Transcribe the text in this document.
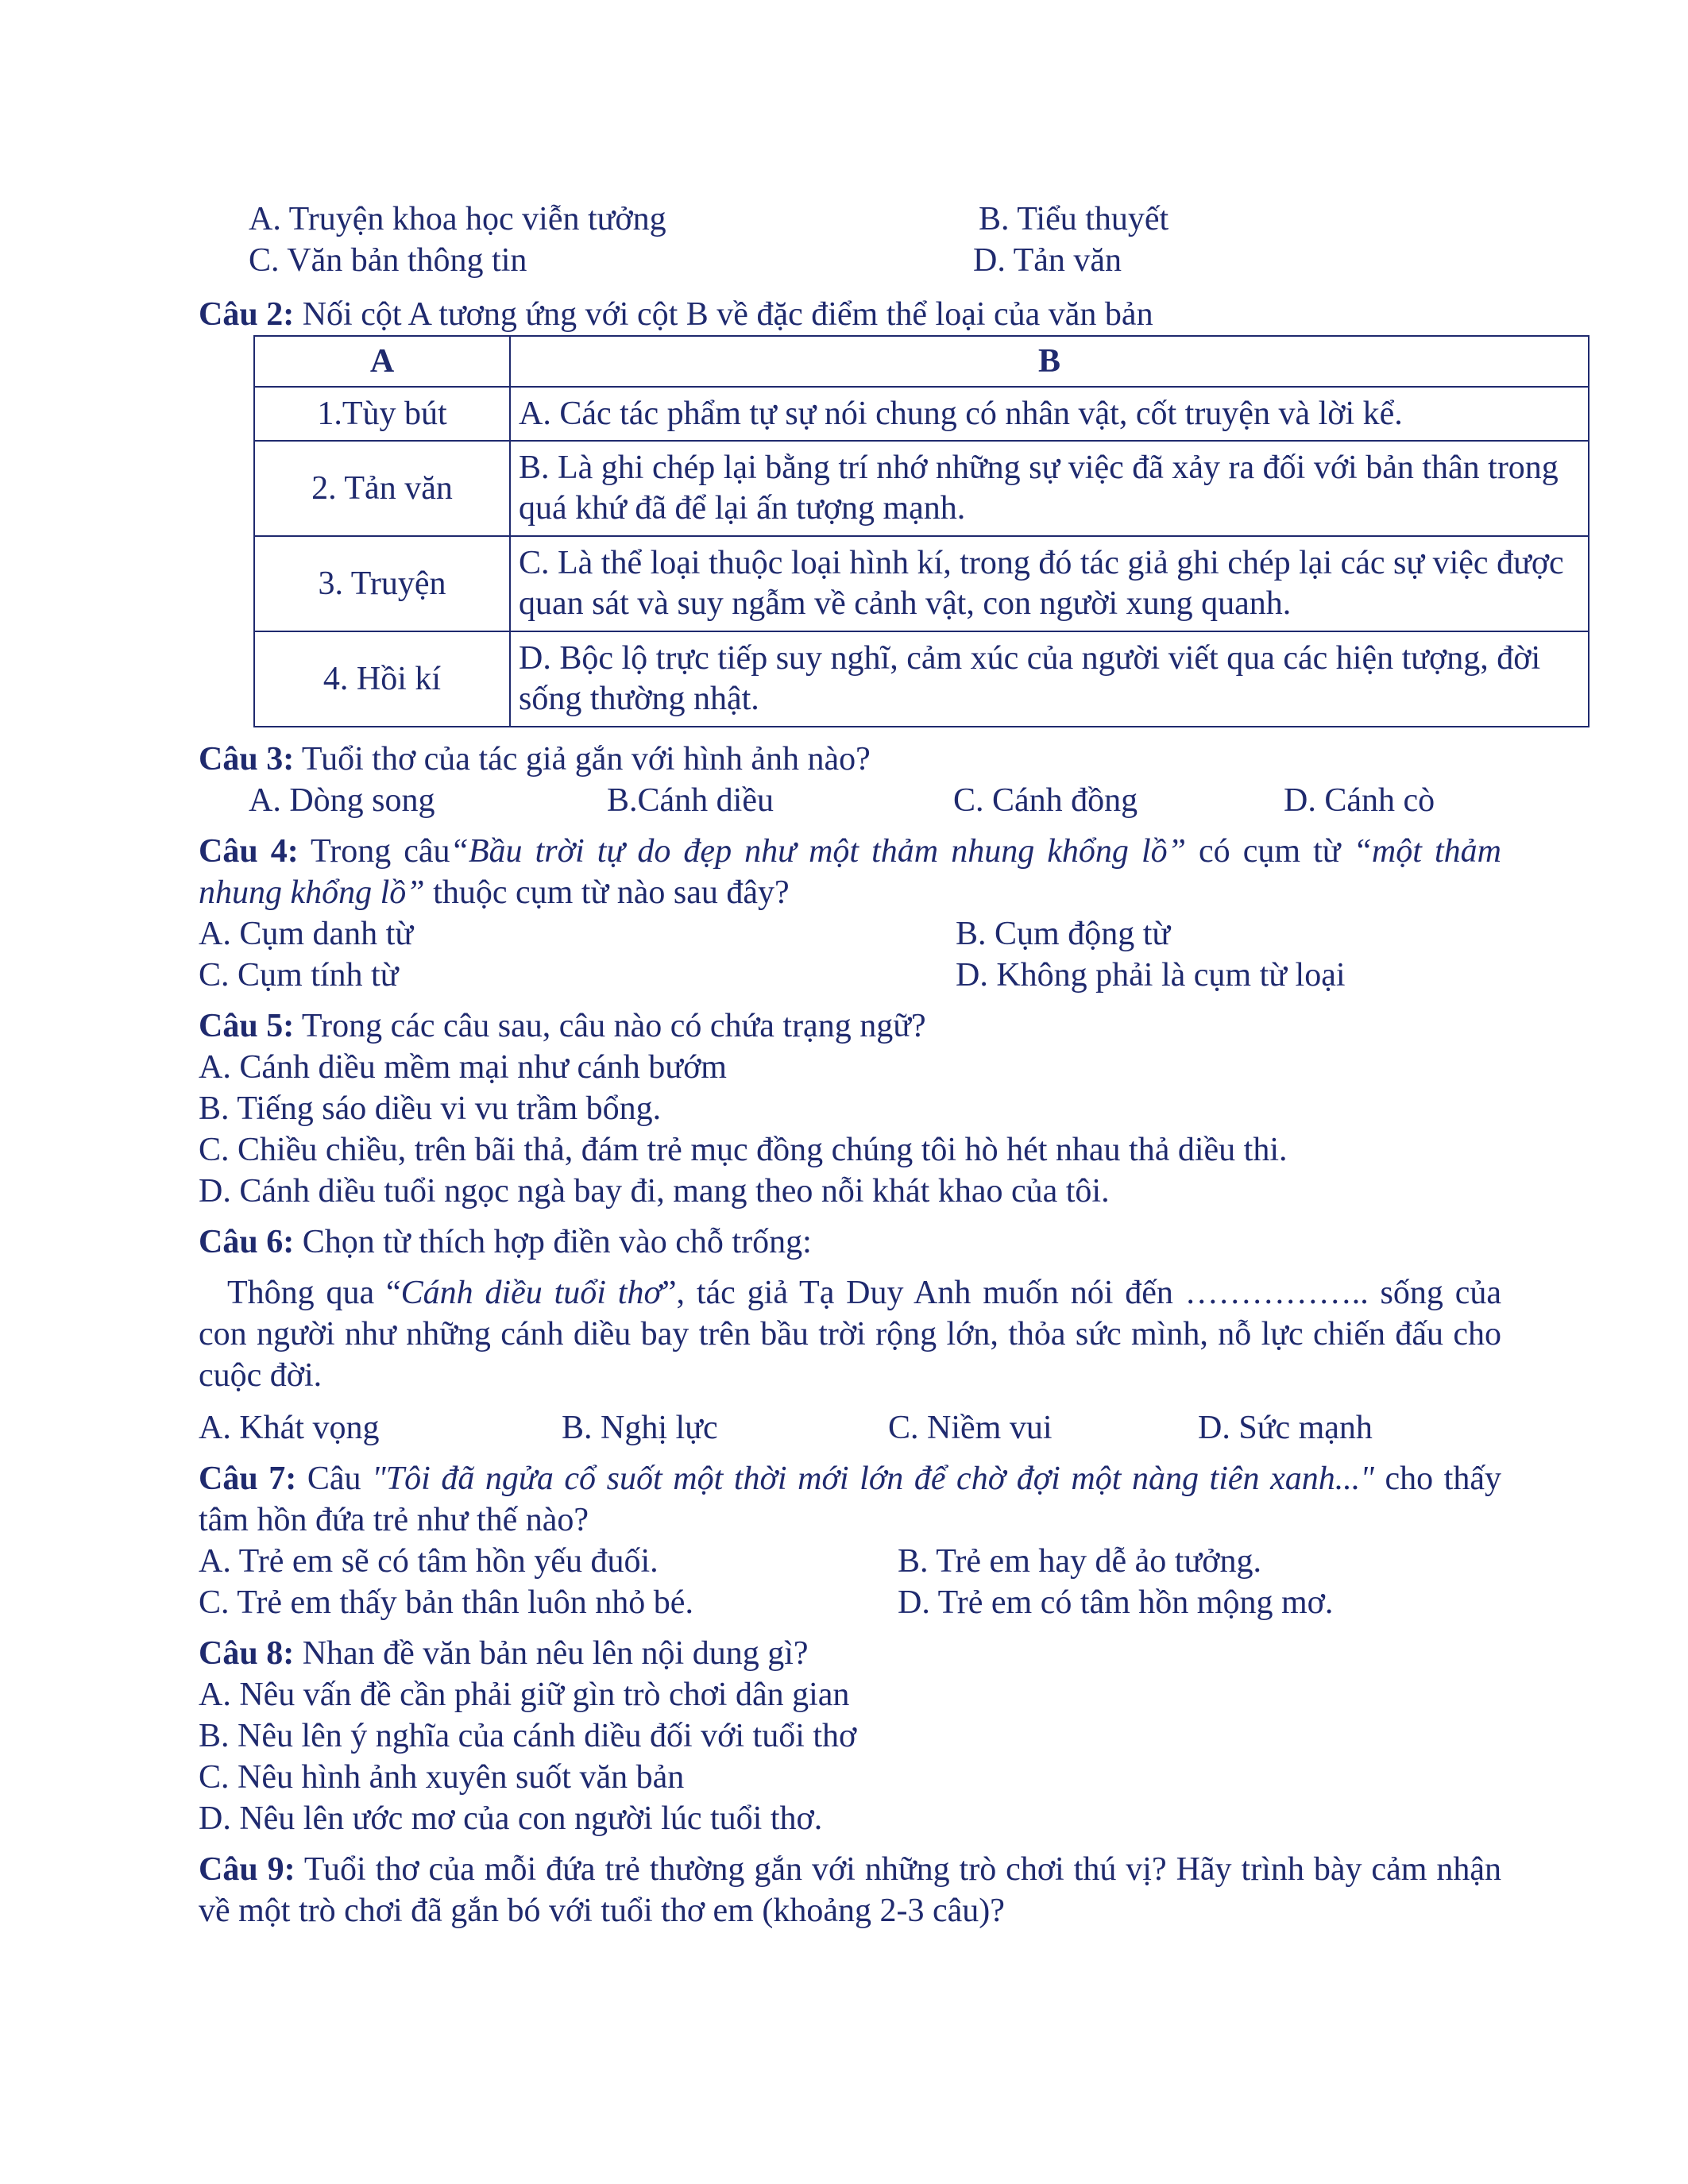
A. Truyện khoa học viễn tưởng	B. Tiểu thuyết
C. Văn bản thông tin	D. Tản văn
Câu 2: Nối cột A tương ứng với cột B về đặc điểm thể loại của văn bản
A	B
1.Tùy bút	A. Các tác phẩm tự sự nói chung có nhân vật, cốt truyện và lời kể.
2. Tản văn	B. Là ghi chép lại bằng trí nhớ những sự việc đã xảy ra đối với bản thân trong quá khứ đã để lại ấn tượng mạnh.
3. Truyện	C. Là thể loại thuộc loại hình kí, trong đó tác giả ghi chép lại các sự việc được quan sát và suy ngẫm về cảnh vật, con người xung quanh.
4. Hồi kí	D. Bộc lộ trực tiếp suy nghĩ, cảm xúc của người viết qua các hiện tượng, đời sống thường nhật.
Câu 3: Tuổi thơ của tác giả gắn với hình ảnh nào?
A. Dòng song	B.Cánh diều	C. Cánh đồng	D. Cánh cò
Câu 4: Trong câu“Bầu trời tự do đẹp như một thảm nhung khổng lồ” có cụm từ “một thảm nhung khổng lồ” thuộc cụm từ nào sau đây?
A. Cụm danh từ	B. Cụm động từ
C. Cụm tính từ	D. Không phải là cụm từ loại
Câu 5: Trong các câu sau, câu nào có chứa trạng ngữ?
A. Cánh diều mềm mại như cánh bướm
B. Tiếng sáo diều vi vu trầm bổng.
C. Chiều chiều, trên bãi thả, đám trẻ mục đồng chúng tôi hò hét nhau thả diều thi.
D. Cánh diều tuổi ngọc ngà bay đi, mang theo nỗi khát khao của tôi.
Câu 6: Chọn từ thích hợp điền vào chỗ trống:
Thông qua “Cánh diều tuổi thơ”, tác giả Tạ Duy Anh muốn nói đến …………….. sống của con người như những cánh diều bay trên bầu trời rộng lớn, thỏa sức mình, nỗ lực chiến đấu cho cuộc đời.
A. Khát vọng	B. Nghị lực	C. Niềm vui	D. Sức mạnh
Câu 7: Câu "Tôi đã ngửa cổ suốt một thời mới lớn để chờ đợi một nàng tiên xanh..." cho thấy tâm hồn đứa trẻ như thế nào?
A. Trẻ em sẽ có tâm hồn yếu đuối.	B. Trẻ em hay dễ ảo tưởng.
C. Trẻ em thấy bản thân luôn nhỏ bé.	D. Trẻ em có tâm hồn mộng mơ.
Câu 8: Nhan đề văn bản nêu lên nội dung gì?
A. Nêu vấn đề cần phải giữ gìn trò chơi dân gian
B. Nêu lên ý nghĩa của cánh diều đối với tuổi thơ
C. Nêu hình ảnh xuyên suốt văn bản
D. Nêu lên ước mơ của con người lúc tuổi thơ.
Câu 9: Tuổi thơ của mỗi đứa trẻ thường gắn với những trò chơi thú vị? Hãy trình bày cảm nhận về một trò chơi đã gắn bó với tuổi thơ em (khoảng 2-3 câu)?
